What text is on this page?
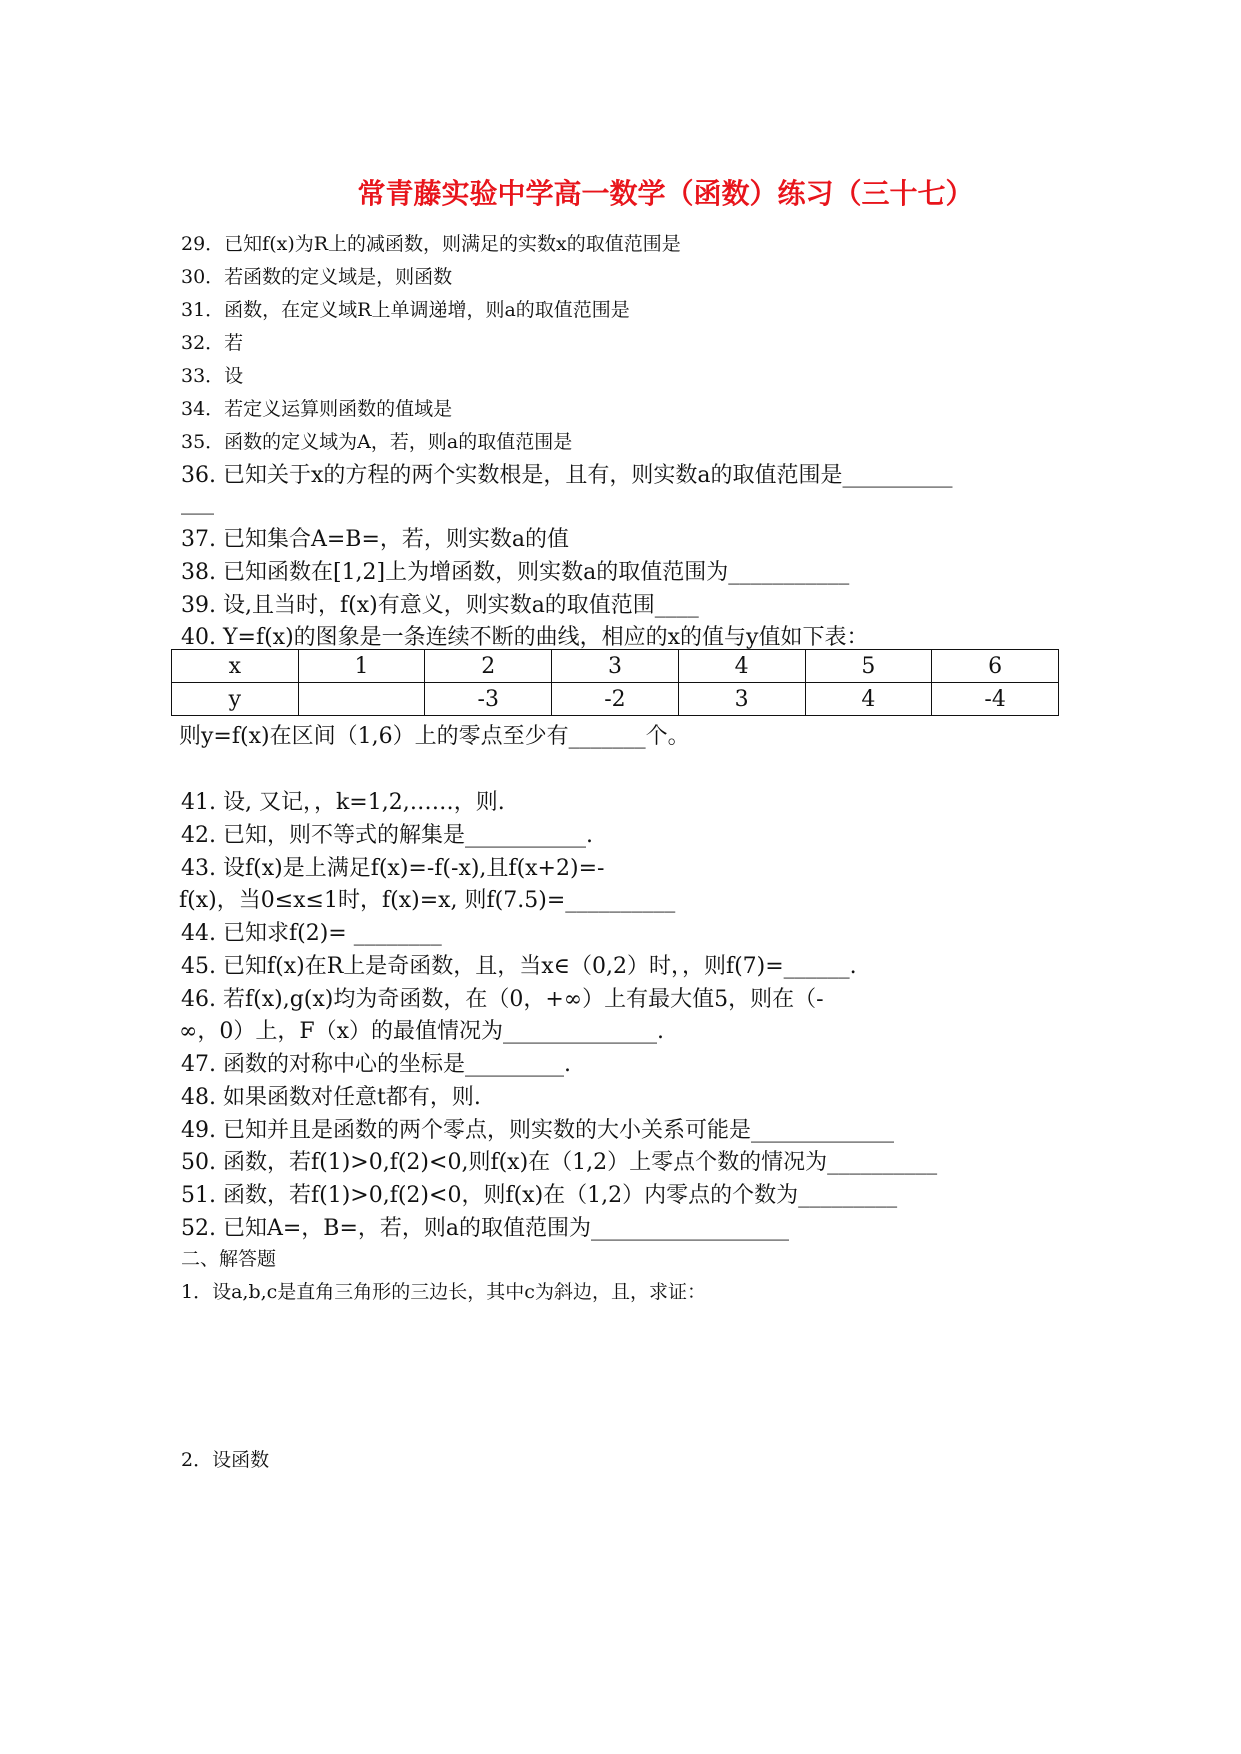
常青藤实验中学高一数学（函数）练习（三十七）
29．已知f(x)为R上的减函数，则满足的实数x的取值范围是
30．若函数的定义域是，则函数
31．函数，在定义域R上单调递增，则a的取值范围是
32．若
33．设
34．若定义运算则函数的值域是
35．函数的定义域为A，若，则a的取值范围是
36. 已知关于x的方程的两个实数根是，且有，则实数a的取值范围是__________
___
37. 已知集合A=B=，若，则实数a的值
38. 已知函数在[1,2]上为增函数，则实数a的取值范围为___________
39. 设,且当时，f(x)有意义，则实数a的取值范围____
40. Y=f(x)的图象是一条连续不断的曲线，相应的x的值与y值如下表：
x	1	2	3	4	5	6
y		-3	-2	3	4	-4
则y=f(x)在区间（1,6）上的零点至少有_______个。
41. 设, 又记，，k=1,2,……，则.
42. 已知，则不等式的解集是___________.
43. 设f(x)是上满足f(x)=-f(-x),且f(x+2)=-
f(x)，当0≤x≤1时，f(x)=x, 则f(7.5)=__________
44. 已知求f(2)= ________
45. 已知f(x)在R上是奇函数，且，当x∈（0,2）时，，则f(7)=______.
46. 若f(x),g(x)均为奇函数，在（0，+∞）上有最大值5，则在（-
∞，0）上，F（x）的最值情况为______________.
47. 函数的对称中心的坐标是_________.
48. 如果函数对任意t都有，则.
49. 已知并且是函数的两个零点，则实数的大小关系可能是_____________
50. 函数，若f(1)>0,f(2)<0,则f(x)在（1,2）上零点个数的情况为__________
51. 函数，若f(1)>0,f(2)<0，则f(x)在（1,2）内零点的个数为_________
52. 已知A=，B=，若，则a的取值范围为__________________
二、解答题
1．设a,b,c是直角三角形的三边长，其中c为斜边，且，求证：
2．设函数
